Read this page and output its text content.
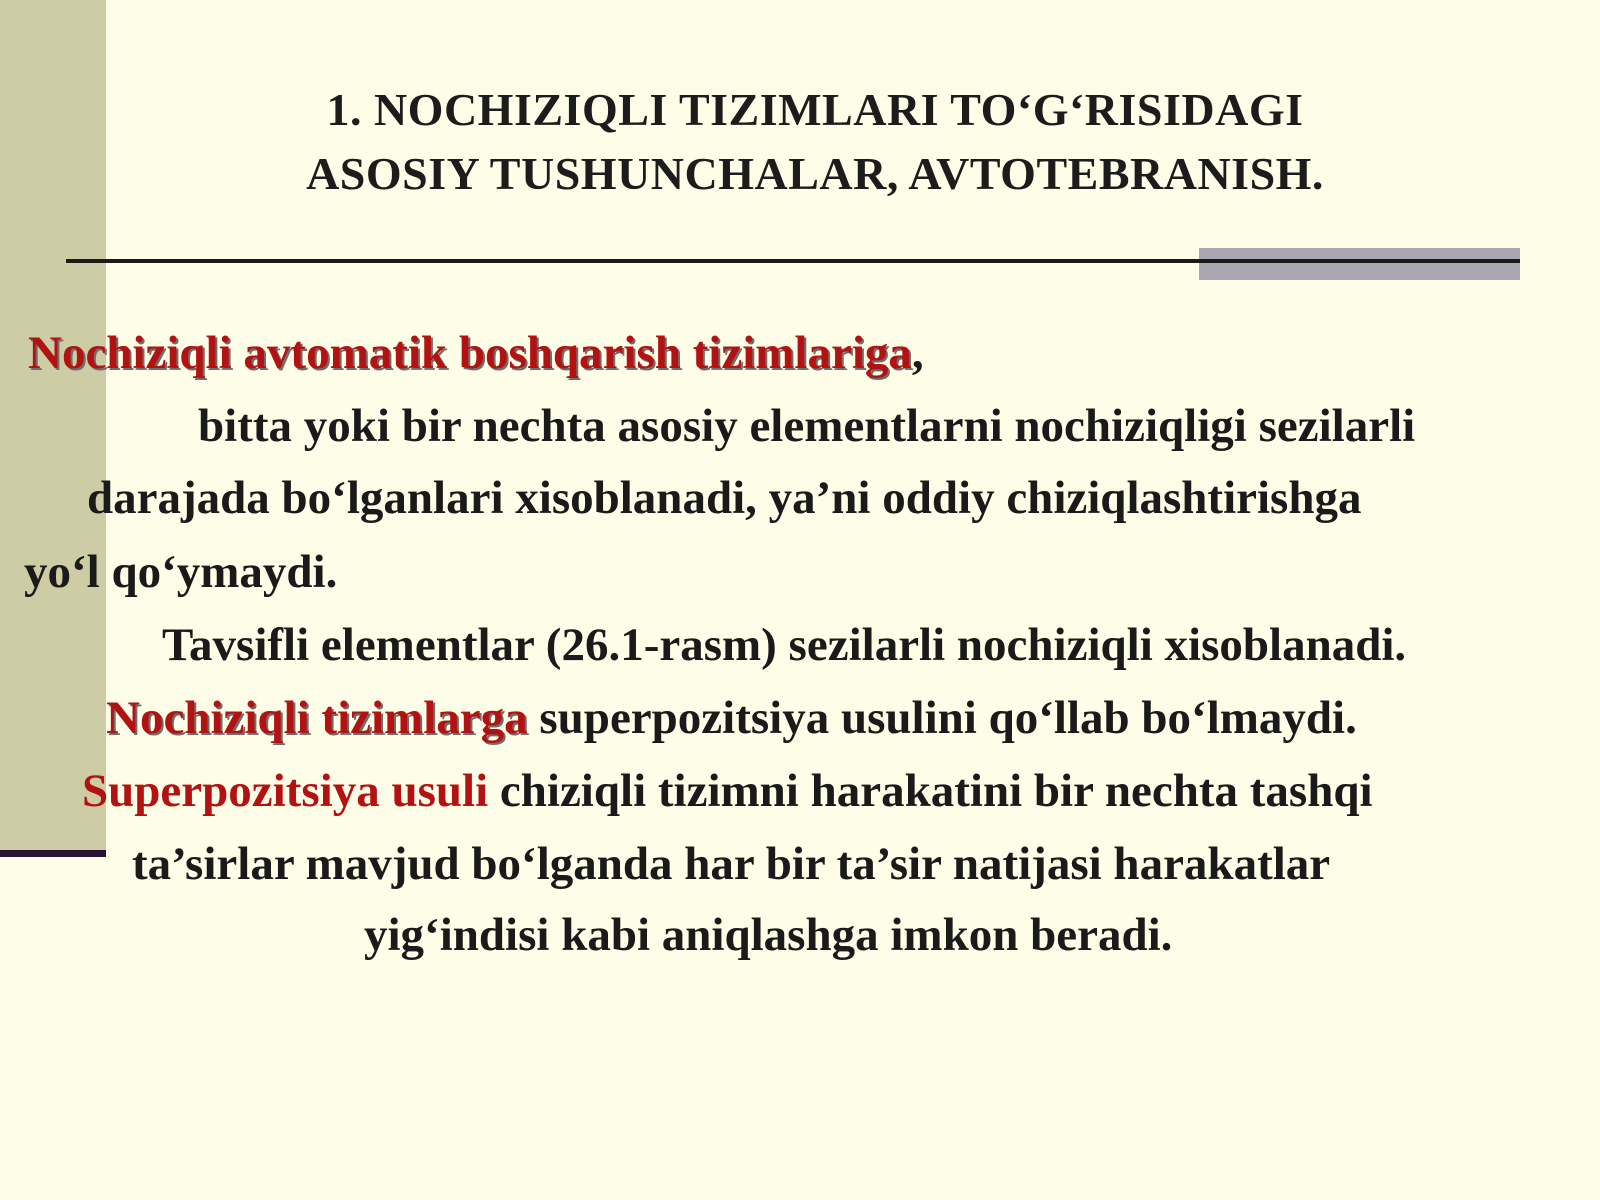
1. NOCHIZIQLI TIZIMLARI TO‘G‘RISIDAGI
ASOSIY TUSHUNCHALAR, AVTOTEBRANISH.
Nochiziqli avtomatik boshqarish tizimlariga,
bitta yoki bir nechta asosiy elementlarni nochiziqligi sezilarli
darajada bo‘lganlari xisoblanadi, ya’ni oddiy chiziqlashtirishga
yo‘l qo‘ymaydi.
Tavsifli elementlar (26.1-rasm) sezilarli nochiziqli xisoblanadi.
Nochiziqli tizimlarga superpozitsiya usulini qo‘llab bo‘lmaydi.
Superpozitsiya usuli chiziqli tizimni harakatini bir nechta tashqi
ta’sirlar mavjud bo‘lganda har bir ta’sir natijasi harakatlar
yig‘indisi kabi aniqlashga imkon beradi.
